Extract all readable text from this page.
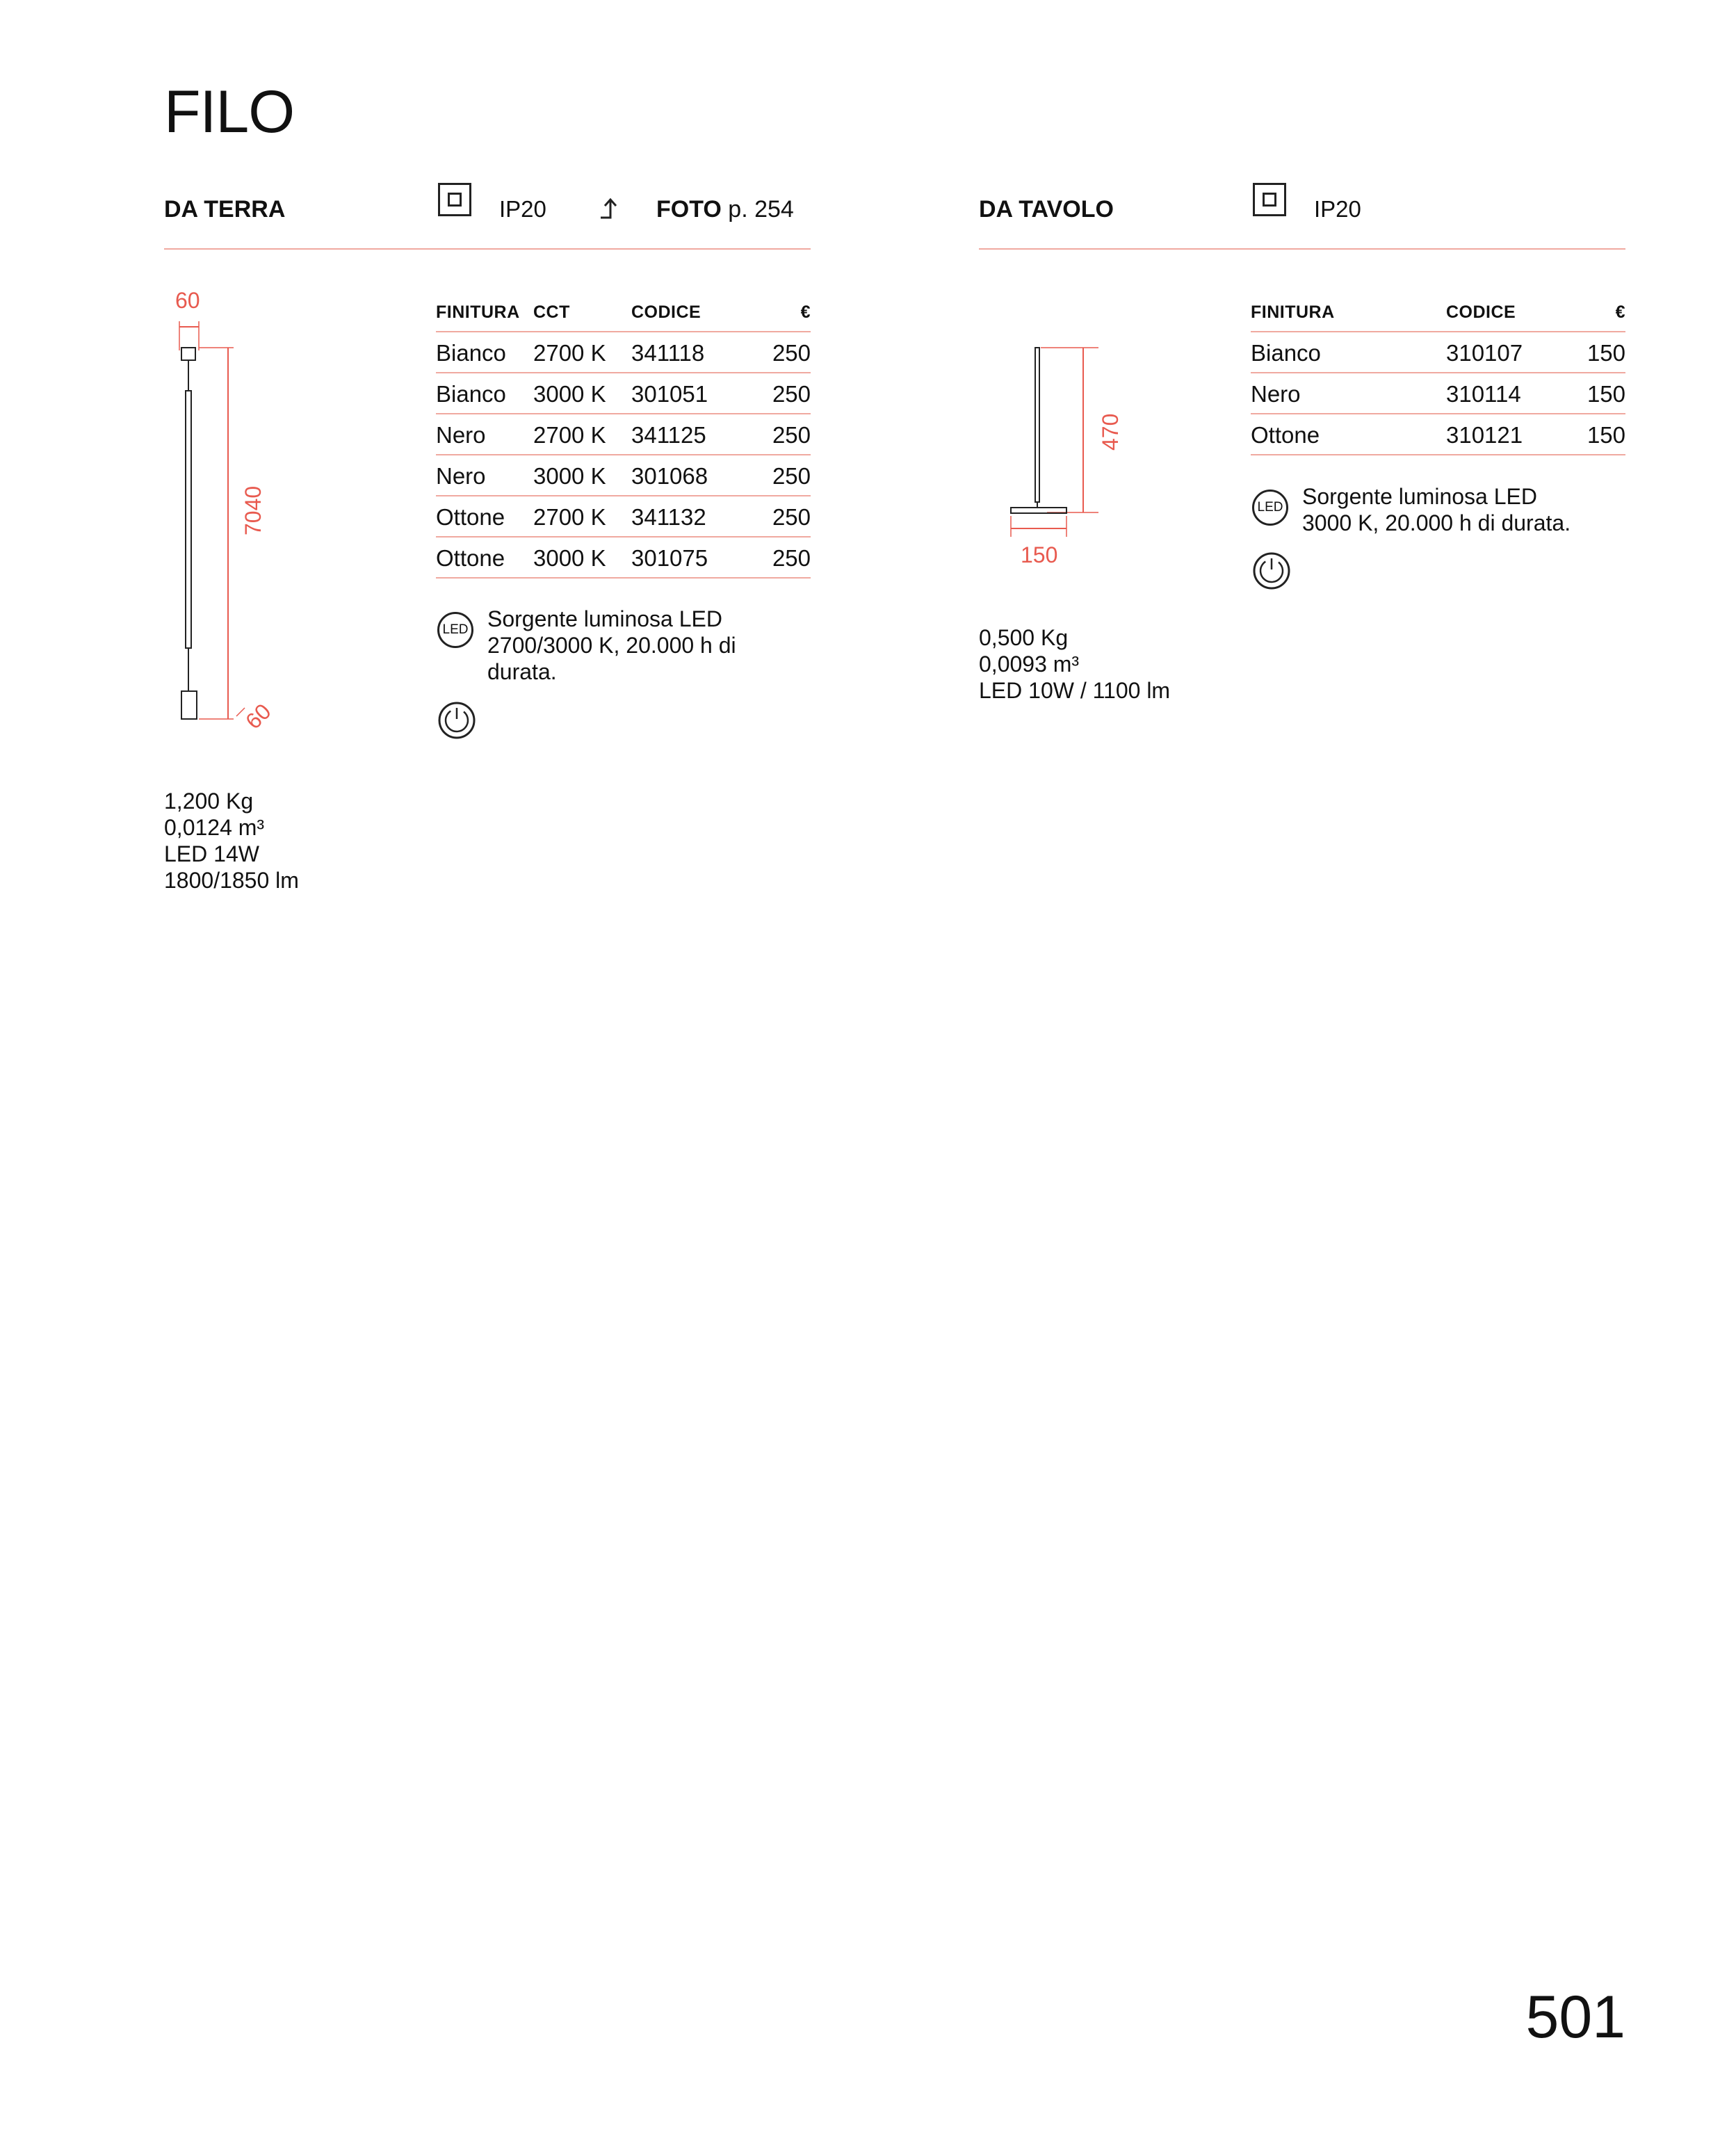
FILO
DA TERRA	IP20	FOTO p. 254
60
7040
60
FINITURA CCT	CODICE	€
Bianco 2700 K 341118	250
Bianco 3000 K 301051	250
Nero 2700 K 341125	250
Nero 3000 K 301068	250
Ottone 2700 K 341132	250
Ottone 3000 K 301075	250
LED Sorgente luminosa LED
2700/3000 K, 20.000 h di
durata.
1,200 Kg
0,0124 m³
LED 14W
1800/1850 lm
DA TAVOLO	IP20
470
150
FINITURA	CODICE	€
Bianco	310107	150
Nero	310114	150
Ottone	310121	150
LED Sorgente luminosa LED
3000 K, 20.000 h di durata.
0,500 Kg
0,0093 m³
LED 10W / 1100 lm
501
